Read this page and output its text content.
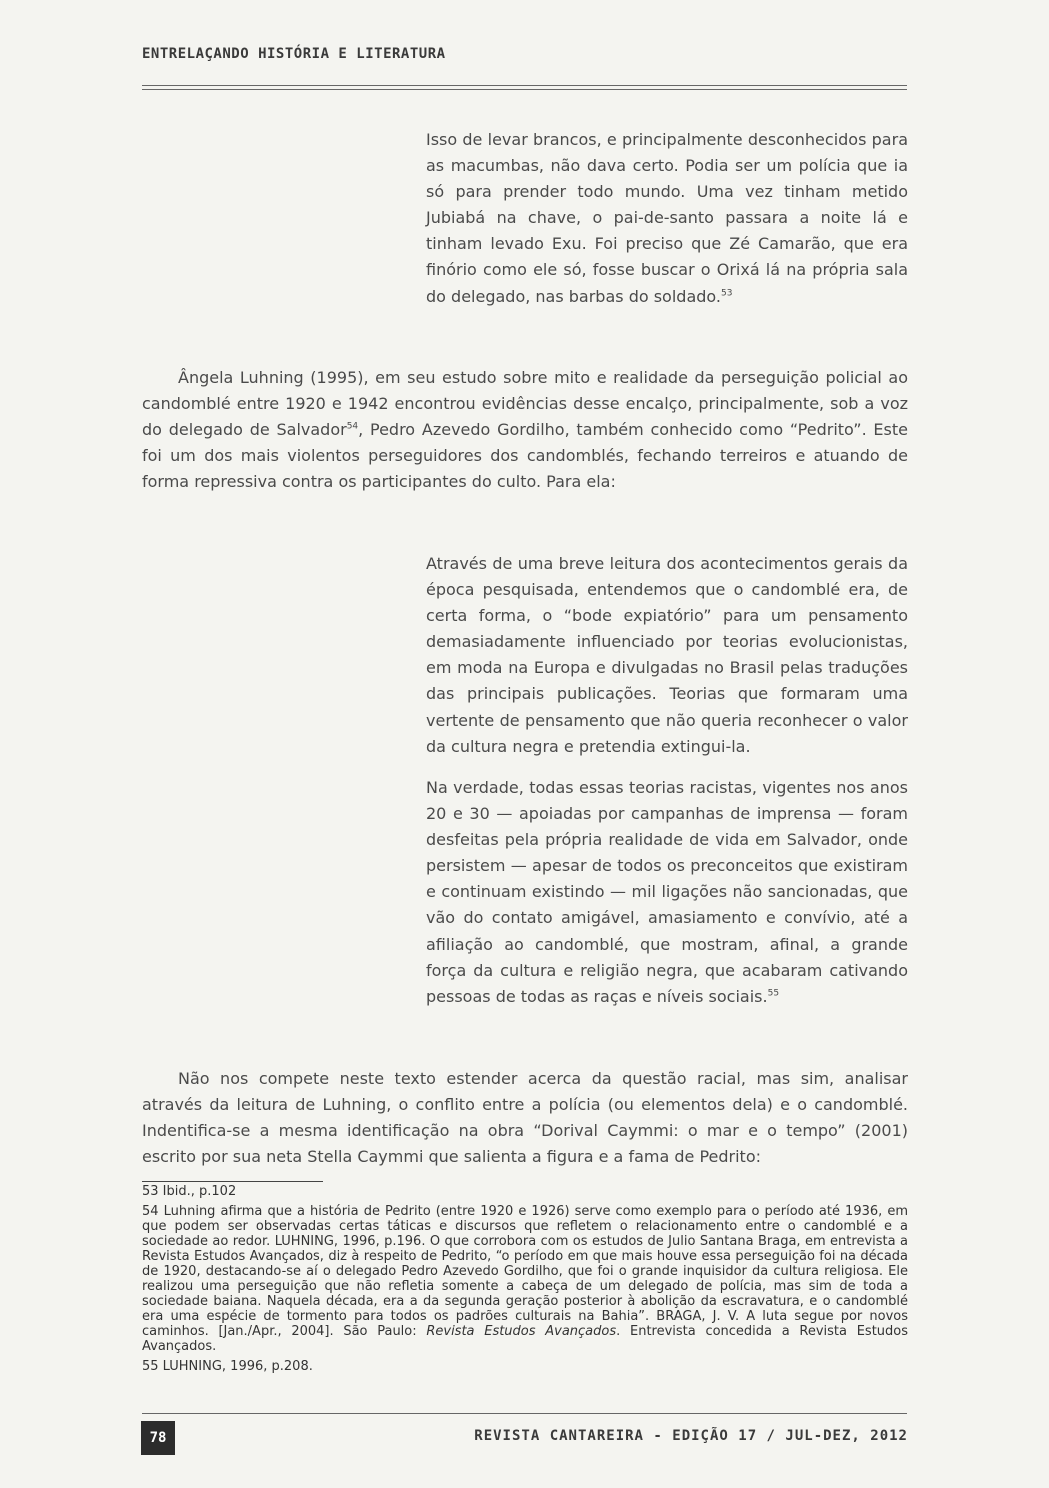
ENTRELAÇANDO HISTÓRIA E LITERATURA

Isso de levar brancos, e principalmente desconhecidos para as macumbas, não dava certo. Podia ser um polícia que ia só para prender todo mundo. Uma vez tinham metido Jubiabá na chave, o pai-de-santo passara a noite lá e tinham levado Exu. Foi preciso que Zé Camarão, que era finório como ele só, fosse buscar o Orixá lá na própria sala do delegado, nas barbas do soldado.$^{53}$

Ângela Luhning (1995), em seu estudo sobre mito e realidade da perseguição policial ao candomblé entre 1920 e 1942 encontrou evidências desse encalço, principalmente, sob a voz do delegado de Salvador$^{54}$, Pedro Azevedo Gordilho, também conhecido como “Pedrito”. Este foi um dos mais violentos perseguidores dos candomblés, fechando terreiros e atuando de forma repressiva contra os participantes do culto. Para ela:

Através de uma breve leitura dos acontecimentos gerais da época pesquisada, entendemos que o candomblé era, de certa forma, o “bode expiatório” para um pensamento demasiadamente influenciado por teorias evolucionistas, em moda na Europa e divulgadas no Brasil pelas traduções das principais publicações. Teorias que formaram uma vertente de pensamento que não queria reconhecer o valor da cultura negra e pretendia extingui-la.

Na verdade, todas essas teorias racistas, vigentes nos anos 20 e 30 — apoiadas por campanhas de imprensa — foram desfeitas pela própria realidade de vida em Salvador, onde persistem — apesar de todos os preconceitos que existiram e continuam existindo — mil ligações não sancionadas, que vão do contato amigável, amasiamento e convívio, até a afiliação ao candomblé, que mostram, afinal, a grande força da cultura e religião negra, que acabaram cativando pessoas de todas as raças e níveis sociais.$^{55}$

Não nos compete neste texto estender acerca da questão racial, mas sim, analisar através da leitura de Luhning, o conflito entre a polícia (ou elementos dela) e o candomblé. Indentifica-se a mesma identificação na obra “Dorival Caymmi: o mar e o tempo” (2001) escrito por sua neta Stella Caymmi que salienta a figura e a fama de Pedrito:

53 Ibid., p.102

54 Luhning afirma que a história de Pedrito (entre 1920 e 1926) serve como exemplo para o período até 1936, em que podem ser observadas certas táticas e discursos que refletem o relacionamento entre o candomblé e a sociedade ao redor. LUHNING, 1996, p.196. O que corrobora com os estudos de Julio Santana Braga, em entrevista a Revista Estudos Avançados, diz à respeito de Pedrito, “o período em que mais houve essa perseguição foi na década de 1920, destacando-se aí o delegado Pedro Azevedo Gordilho, que foi o grande inquisidor da cultura religiosa. Ele realizou uma perseguição que não refletia somente a cabeça de um delegado de polícia, mas sim de toda a sociedade baiana. Naquela década, era a da segunda geração posterior à abolição da escravatura, e o candomblé era uma espécie de tormento para todos os padrões culturais na Bahia”. BRAGA, J. V. A luta segue por novos caminhos. [Jan./Apr., 2004]. São Paulo: Revista Estudos Avançados. Entrevista concedida a Revista Estudos Avançados.

55 LUHNING, 1996, p.208.

78	REVISTA CANTAREIRA - EDIÇÃO 17 / JUL-DEZ, 2012
